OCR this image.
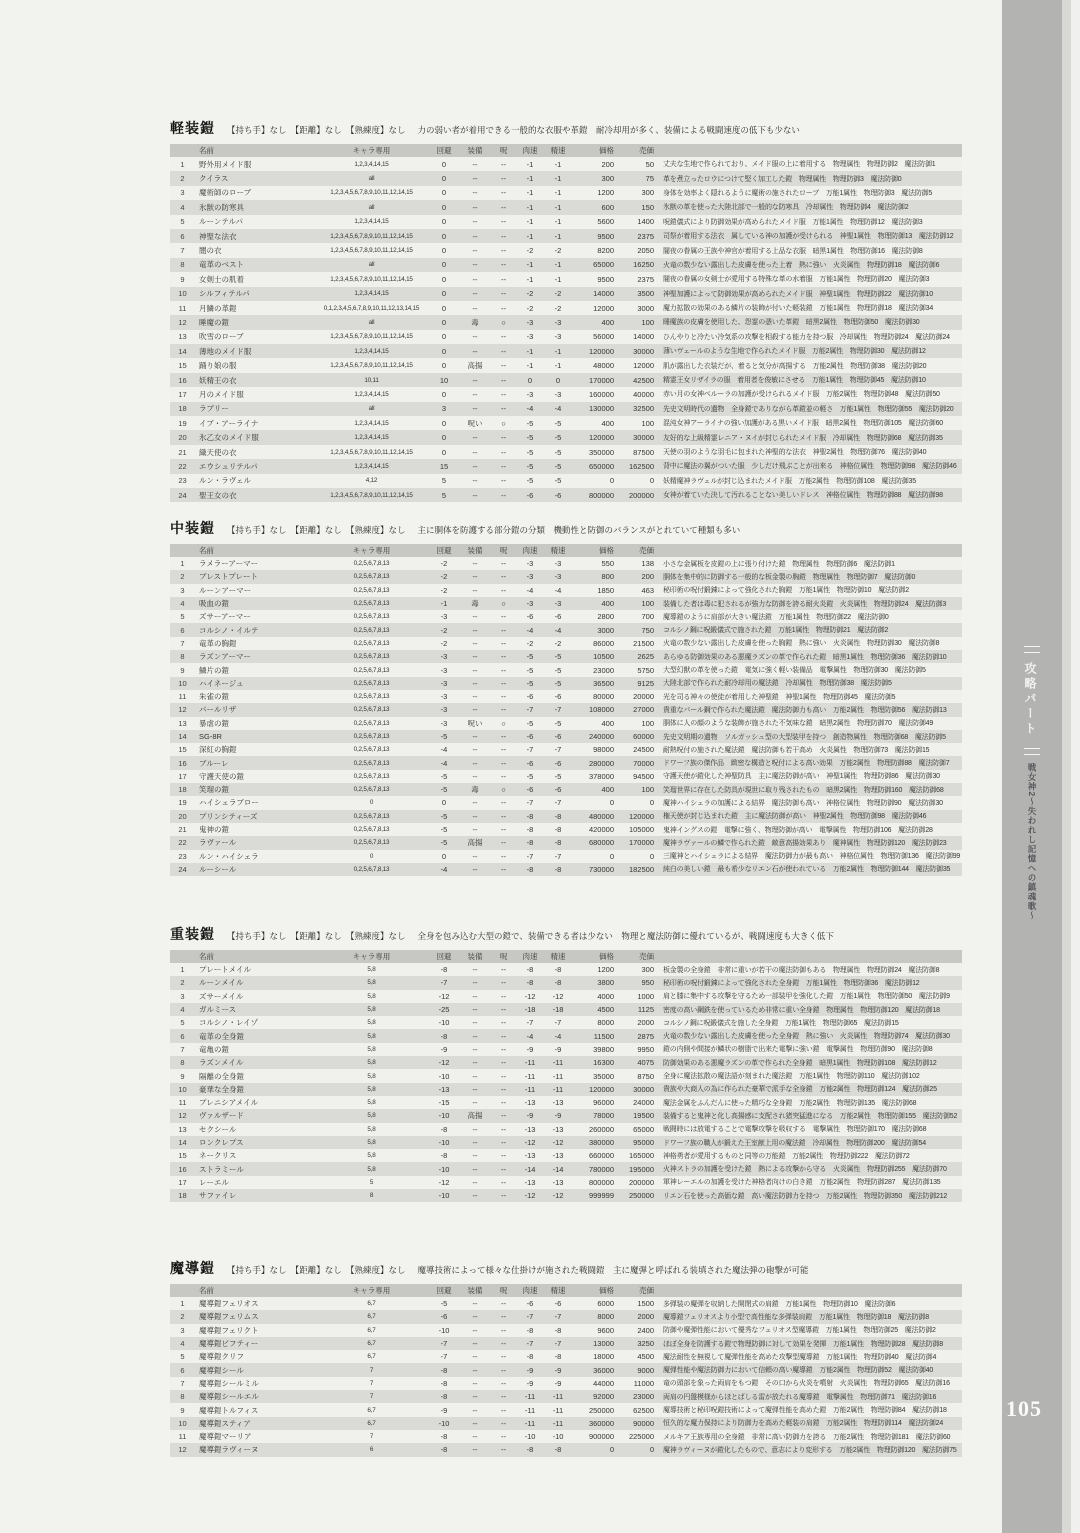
軽装鎧 【持ち手】なし　【距離】なし　【熟練度】なし 力の弱い者が着用できる一般的な衣服や革鎧　耐冷却用が多く、装備による戦闘速度の低下も少ない
名前	キャラ専用	回避	装備	呪	肉速	精速	価格	売価
1	野外用メイド服	1,2,3,4,14,15	0	--	--	-1	-1	200	50	丈夫な生地で作られており、メイド服の上に着用する　物理属性　物理防御2　魔法防御1
2	クイラス	all	0	--	--	-1	-1	300	75	革を煮立ったロウにつけて堅く加工した鎧　物理属性　物理防御3　魔法防御0
3	魔術師のローブ	1,2,3,4,5,6,7,8,9,10,11,12,14,15	0	--	--	-1	-1	1200	300	身体を効率よく隠れるように魔術の施されたローブ　万能1属性　物理防御3　魔法防御5
4	氷獣の防寒具	all	0	--	--	-1	-1	600	150	氷獣の革を使った大陸北部で一般的な防寒具　冷却属性　物理防御4　魔法防御2
5	ルーンテルパ	1,2,3,4,14,15	0	--	--	-1	-1	5600	1400	呪鎧儀式により防御効果が高められたメイド服　万能1属性　物理防御12　魔法防御3
6	神聖な法衣	1,2,3,4,5,6,7,8,9,10,11,12,14,15	0	--	--	-1	-1	9500	2375	司祭が着用する法衣　属している神の加護が受けられる　神聖1属性　物理防御13　魔法防御12
7	闇の衣	1,2,3,4,5,6,7,8,9,10,11,12,14,15	0	--	--	-2	-2	8200	2050	闇夜の眷属の王族や神官が着用する上品な衣服　暗黒1属性　物理防御16　魔法防御8
8	竜革のベスト	all	0	--	--	-1	-1	65000	16250	火竜の数少ない露出した皮膚を使った上着　熱に強い　火炎属性　物理防御18　魔法防御6
9	女剣士の肌着	1,2,3,4,5,6,7,8,9,10,11,12,14,15	0	--	--	-1	-1	9500	2375	闇夜の眷属の女剣士が愛用する特殊な革の水着服　万能1属性　物理防御20　魔法防御3
10	シルフィテルパ	1,2,3,4,14,15	0	--	--	-2	-2	14000	3500	神聖加護によって防御効果が高められたメイド服　神聖1属性　物理防御22　魔法防御10
11	月鱗の革鎧	0,1,2,3,4,5,6,7,8,9,10,11,12,13,14,15	0	--	--	-2	-2	12000	3000	魔力拡散の効果のある鱗片の装飾が付いた軽装鎧　万能1属性　物理防御18　魔法防御34
12	睡魔の鎧	all	0	毒	○	-3	-3	400	100	睡魔族の皮膚を使用した、怨霊の憑いた革鎧　暗黒2属性　物理防御50　魔法防御30
13	吹雪のローブ	1,2,3,4,5,6,7,8,9,10,11,12,14,15	0	--	--	-3	-3	56000	14000	ひんやりと冷たい冷気系の攻撃を相殺する能力を持つ服　冷却属性　物理防御24　魔法防御24
14	薄地のメイド服	1,2,3,4,14,15	0	--	--	-1	-1	120000	30000	薄いヴェールのような生地で作られたメイド服　万能2属性　物理防御30　魔法防御12
15	踊り娘の服	1,2,3,4,5,6,7,8,9,10,11,12,14,15	0	高揚	--	-1	-1	48000	12000	肌が露出した衣装だが、着ると気分が高揚する　万能2属性　物理防御38　魔法防御20
16	妖精王の衣	10,11	10	--	--	0	0	170000	42500	精霊王女リザイラの服　着用者を俊敏にさせる　万能1属性　物理防御45　魔法防御10
17	月のメイド服	1,2,3,4,14,15	0	--	--	-3	-3	160000	40000	赤い月の女神ベルーラの加護が受けられるメイド服　万能2属性　物理防御48　魔法防御50
18	ラブリー	all	3	--	--	-4	-4	130000	32500	先史文明時代の遺物　全身鎧でありながら革鎧並の軽さ　万能1属性　物理防御55　魔法防御20
19	イブ・アーライナ	1,2,3,4,14,15	0	呪い	○	-5	-5	400	100	混沌女神アーライナの強い加護がある黒いメイド服　暗黒2属性　物理防御105　魔法防御60
20	氷乙女のメイド服	1,2,3,4,14,15	0	--	--	-5	-5	120000	30000	友好的な上級精霊レニア・ヌイが封じられたメイド服　冷却属性　物理防御68　魔法防御35
21	織天使の衣	1,2,3,4,5,6,7,8,9,10,11,12,14,15	0	--	--	-5	-5	350000	87500	天使の羽のような羽毛に包まれた神聖的な法衣　神聖2属性　物理防御76　魔法防御40
22	エウシュリテルパ	1,2,3,4,14,15	15	--	--	-5	-5	650000	162500	背中に魔法の翼がついた服　少しだけ飛ぶことが出来る　神格位属性　物理防御98　魔法防御46
23	ルン・ラヴェル	4,12	5	--	--	-5	-5	0	0	妖精魔神ラヴェルが封じ込まれたメイド服　万能2属性　物理防御108　魔法防御35
24	聖王女の衣	1,2,3,4,5,6,7,8,9,10,11,12,14,15	5	--	--	-6	-6	800000	200000	女神が着ていた決して汚れることない美しいドレス　神格位属性　物理防御88　魔法防御98
中装鎧 【持ち手】なし　【距離】なし　【熟練度】なし 主に胴体を防護する部分鎧の分類　機動性と防御のバランスがとれていて種類も多い
名前	キャラ専用	回避	装備	呪	肉速	精速	価格	売価
1	ラメラーアーマー	0,2,5,6,7,8,13	-2	--	--	-3	-3	550	138	小さな金属板を皮鎧の上に張り付けた鎧　物理属性　物理防御6　魔法防御1
2	ブレストプレート	0,2,5,6,7,8,13	-2	--	--	-3	-3	800	200	胴体を集中的に防御する一般的な板金製の胸鎧　物理属性　物理防御7　魔法防御0
3	ルーンアーマー	0,2,5,6,7,8,13	-2	--	--	-4	-4	1850	463	秘印術の呪付鍛錬によって強化された胸鎧　万能1属性　物理防御10　魔法防御2
4	吸血の鎧	0,2,5,6,7,8,13	-1	毒	○	-3	-3	400	100	装備した者は毒に犯されるが強力な防御を誇る耐火炎鎧　火炎属性　物理防御24　魔法防御3
5	ズサーアーマー	0,2,5,6,7,8,13	-3	--	--	-6	-6	2800	700	魔導鎧のように肩部が大きい魔法鎧　万能1属性　物理防御22　魔法防御0
6	コルシノ・イルテ	0,2,5,6,7,8,13	-2	--	--	-4	-4	3000	750	コルシノ鋼に呪鍛儀式で施された鎧　万能1属性　物理防御21　魔法防御2
7	竜革の胸鎧	0,2,5,6,7,8,13	-2	--	--	-2	-2	86000	21500	火竜の数少ない露出した皮膚を使った胸鎧　熱に強い　火炎属性　物理防御30　魔法防御8
8	ラズンアーマー	0,2,5,6,7,8,13	-3	--	--	-5	-5	10500	2625	あらゆる防御効果のある悪魔ラズンの革で作られた鎧　暗黒1属性　物理防御36　魔法防御10
9	鱗片の鎧	0,2,5,6,7,8,13	-3	--	--	-5	-5	23000	5750	大型幻獣の革を使った鎧　電気に強く軽い装備品　電撃属性　物理防御30　魔法防御5
10	ハイネージュ	0,2,5,6,7,8,13	-3	--	--	-5	-5	36500	9125	大陸北部で作られた耐冷却用の魔法鎧　冷却属性　物理防御38　魔法防御5
11	朱雀の鎧	0,2,5,6,7,8,13	-3	--	--	-6	-6	80000	20000	光を司る神々の使徒が着用した神聖鎧　神聖1属性　物理防御45　魔法防御5
12	パールリザ	0,2,5,6,7,8,13	-3	--	--	-7	-7	108000	27000	貴重なパール鋼で作られた魔法鎧　魔法防御力も高い　万能2属性　物理防御56　魔法防御13
13	暴虐の鎧	0,2,5,6,7,8,13	-3	呪い	○	-5	-5	400	100	胴体に人の顔のような装飾が施された不気味な鎧　暗黒2属性　物理防御70　魔法防御49
14	SG-8R	0,2,5,6,7,8,13	-5	--	--	-6	-6	240000	60000	先史文明期の遺物　ソルガッシュ型の大型装甲を持つ　創造物属性　物理防御68　魔法防御5
15	深紅の胸鎧	0,2,5,6,7,8,13	-4	--	--	-7	-7	98000	24500	耐熱呪付の施された魔法鎧　魔法防御も若干高め　火炎属性　物理防御73　魔法防御15
16	ブルーレ	0,2,5,6,7,8,13	-4	--	--	-6	-6	280000	70000	ドワーフ族の傑作品　緻密な構造と呪付による高い効果　万能2属性　物理防御88　魔法防御7
17	守護天使の鎧	0,2,5,6,7,8,13	-5	--	--	-5	-5	378000	94500	守護天使が鎧化した神聖防具　主に魔法防御が高い　神聖1属性　物理防御86　魔法防御30
18	笑瑠の鎧	0,2,5,6,7,8,13	-5	毒	○	-6	-6	400	100	笑瑠世界に存在した防具が現世に取り残されたもの　暗黒2属性　物理防御160　魔法防御68
19	ハイシェラブロー	0	0	--	--	-7	-7	0	0	魔神ハイシェラの加護による結界　魔法防御も高い　神格位属性　物理防御90　魔法防御30
20	プリンシティーズ	0,2,5,6,7,8,13	-5	--	--	-8	-8	480000	120000	権天使が封じ込まれた鎧　主に魔法防御が高い　神聖2属性　物理防御98　魔法防御46
21	鬼神の鎧	0,2,5,6,7,8,13	-5	--	--	-8	-8	420000	105000	鬼神イングスの鎧　電撃に強く、物理防御が高い　電撃属性　物理防御106　魔法防御28
22	ラヴァール	0,2,5,6,7,8,13	-5	高揚	--	-8	-8	680000	170000	魔神ラヴァールの鱗で作られた鎧　敵意高揚効果あり　魔神属性　物理防御120　魔法防御23
23	ルン・ハイシェラ	0	0	--	--	-7	-7	0	0	三魔神とハイシェラによる結界　魔法防御力が最も高い　神格位属性　物理防御136　魔法防御99
24	ルーシール	0,2,5,6,7,8,13	-4	--	--	-8	-8	730000	182500	純白の美しい鎧　最も希少なリエン石が使われている　万能2属性　物理防御144　魔法防御35
重装鎧 【持ち手】なし　【距離】なし　【熟練度】なし 全身を包み込む大型の鎧で、装備できる者は少ない　物理と魔法防御に優れているが、戦闘速度も大きく低下
名前	キャラ専用	回避	装備	呪	肉速	精速	価格	売価
1	プレートメイル	5,8	-8	--	--	-8	-8	1200	300	板金製の全身鎧　非常に重いが若干の魔法防御もある　物理属性　物理防御24　魔法防御8
2	ルーンメイル	5,8	-7	--	--	-8	-8	3800	950	秘印術の呪付鍛錬によって強化された全身鎧　万能1属性　物理防御36　魔法防御12
3	ズサーメイル	5,8	-12	--	--	-12	-12	4000	1000	肩と膝に集中する攻撃を守るため一部装甲を強化した鎧　万能1属性　物理防御50　魔法防御9
4	ガルミース	5,8	-25	--	--	-18	-18	4500	1125	密度の高い鋼鉄を使っているため非常に重い全身鎧　物理属性　物理防御120　魔法防御18
5	コルシノ・レイゾ	5,8	-10	--	--	-7	-7	8000	2000	コルシノ鋼に呪鍛儀式を施した全身鎧　万能1属性　物理防御65　魔法防御15
6	竜革の全身鎧	5,8	-8	--	--	-4	-4	11500	2875	火竜の数少ない露出した皮膚を使った全身鎧　熱に強い　火炎属性　物理防御74　魔法防御30
7	竜亀の鎧	5,8	-9	--	--	-9	-9	39800	9950	鎧の内側や間接が鱗状の樹脂で出来た電撃に強い鎧　電撃属性　物理防御90　魔法防御8
8	ラズンメイル	5,8	-12	--	--	-11	-11	16300	4075	防御効果のある悪魔ラズンの革で作られた全身鎧　暗黒1属性　物理防御108　魔法防御12
9	隔離の全身鎧	5,8	-10	--	--	-11	-11	35000	8750	全身に魔法拡散の魔法語が刻まれた魔法鎧　万能1属性　物理防御110　魔法防御102
10	豪華な全身鎧	5,8	-13	--	--	-11	-11	120000	30000	貴族や大商人の為に作られた豪華で派手な全身鎧　万能2属性　物理防御124　魔法防御25
11	プレニシアメイル	5,8	-15	--	--	-13	-13	96000	24000	魔法金属をふんだんに使った精巧な全身鎧　万能2属性　物理防御135　魔法防御68
12	ヴァルザード	5,8	-10	高揚	--	-9	-9	78000	19500	装備すると鬼神と化し高揚感に支配され猪突猛進になる　万能2属性　物理防御155　魔法防御52
13	セクシール	5,8	-8	--	--	-13	-13	260000	65000	戦闘時には放電することで電撃攻撃を吸収する　電撃属性　物理防御170　魔法防御68
14	ロンクレプス	5,8	-10	--	--	-12	-12	380000	95000	ドワーフ族の職人が鍛えた王室献上用の魔法鎧　冷却属性　物理防御200　魔法防御54
15	ネークリス	5,8	-8	--	--	-13	-13	660000	165000	神格勇者が愛用するものと同等の万能鎧　万能2属性　物理防御222　魔法防御72
16	ストラミール	5,8	-10	--	--	-14	-14	780000	195000	火神ストラの加護を受けた鎧　熱による攻撃から守る　火炎属性　物理防御255　魔法防御70
17	レーエル	5	-12	--	--	-13	-13	800000	200000	軍神レーエルの加護を受けた神格者向けの白き鎧　万能2属性　物理防御287　魔法防御135
18	サファイレ	8	-10	--	--	-12	-12	999999	250000	リエン石を使った高価な鎧　高い魔法防御力を持つ　万能2属性　物理防御350　魔法防御212
魔導鎧 【持ち手】なし　【距離】なし　【熟練度】なし 魔導技術によって様々な仕掛けが施された戦闘鎧　主に魔弾と呼ばれる装填された魔法弾の砲撃が可能
名前	キャラ専用	回避	装備	呪	肉速	精速	価格	売価
1	魔導鎧フェリオス	6,7	-5	--	--	-6	-6	6000	1500	多弾装の魔弾を収納した開閉式の肩鎧　万能1属性　物理防御10　魔法防御6
2	魔導鎧フェリムス	6,7	-6	--	--	-7	-7	8000	2000	魔導鎧フェリオスより小型で高性能な多弾装肩鎧　万能1属性　物理防御18　魔法防御8
3	魔導鎧フェリクト	6,7	-10	--	--	-8	-8	9600	2400	防御や魔弾性能において優秀なフェリオス型魔導鎧　万能1属性　物理防御25　魔法防御2
4	魔導鎧ビフティー	6,7	-7	--	--	-7	-7	13000	3250	ほぼ全身を防護する鎧で物理防御に対して効果を発揮　万能1属性　物理防御28　魔法防御8
5	魔導鎧クリフ	6,7	-7	--	--	-8	-8	18000	4500	魔法耐性を無視して魔弾性能を高めた攻撃型魔導鎧　万能1属性　物理防御40　魔法防御4
6	魔導鎧シール	7	-8	--	--	-9	-9	36000	9000	魔弾性能や魔法防御力において信頼の高い魔導鎧　万能2属性　物理防御52　魔法防御40
7	魔導鎧シールミル	7	-8	--	--	-9	-9	44000	11000	竜の頭部を象った両肩をもつ鎧　その口から火炎を噴射　火炎属性　物理防御65　魔法防御16
8	魔導鎧シールエル	7	-8	--	--	-11	-11	92000	23000	両肩の円盤模様からほとばしる雷が放たれる魔導鎧　電撃属性　物理防御71　魔法防御16
9	魔導鎧トルフィス	6,7	-9	--	--	-11	-11	250000	62500	魔導技術と秘印呪鎧技術によって魔弾性能を高めた鎧　万能2属性　物理防御84　魔法防御18
10	魔導鎧スティア	6,7	-10	--	--	-11	-11	360000	90000	恒久的な魔力保持により防御力を高めた軽装の肩鎧　万能2属性　物理防御114　魔法防御24
11	魔導鎧マーリア	7	-8	--	--	-10	-10	900000	225000	メルキア王族専用の全身鎧　非常に高い防御力を誇る　万能2属性　物理防御181　魔法防御60
12	魔導鎧ラヴィーヌ	6	-8	--	--	-8	-8	0	0	魔神ラヴィーヌが鎧化したもので、意志により変形する　万能2属性　物理防御120　魔法防御75
攻略パート
戦女神2〜失われし記憶への鎮魂歌〜
105
